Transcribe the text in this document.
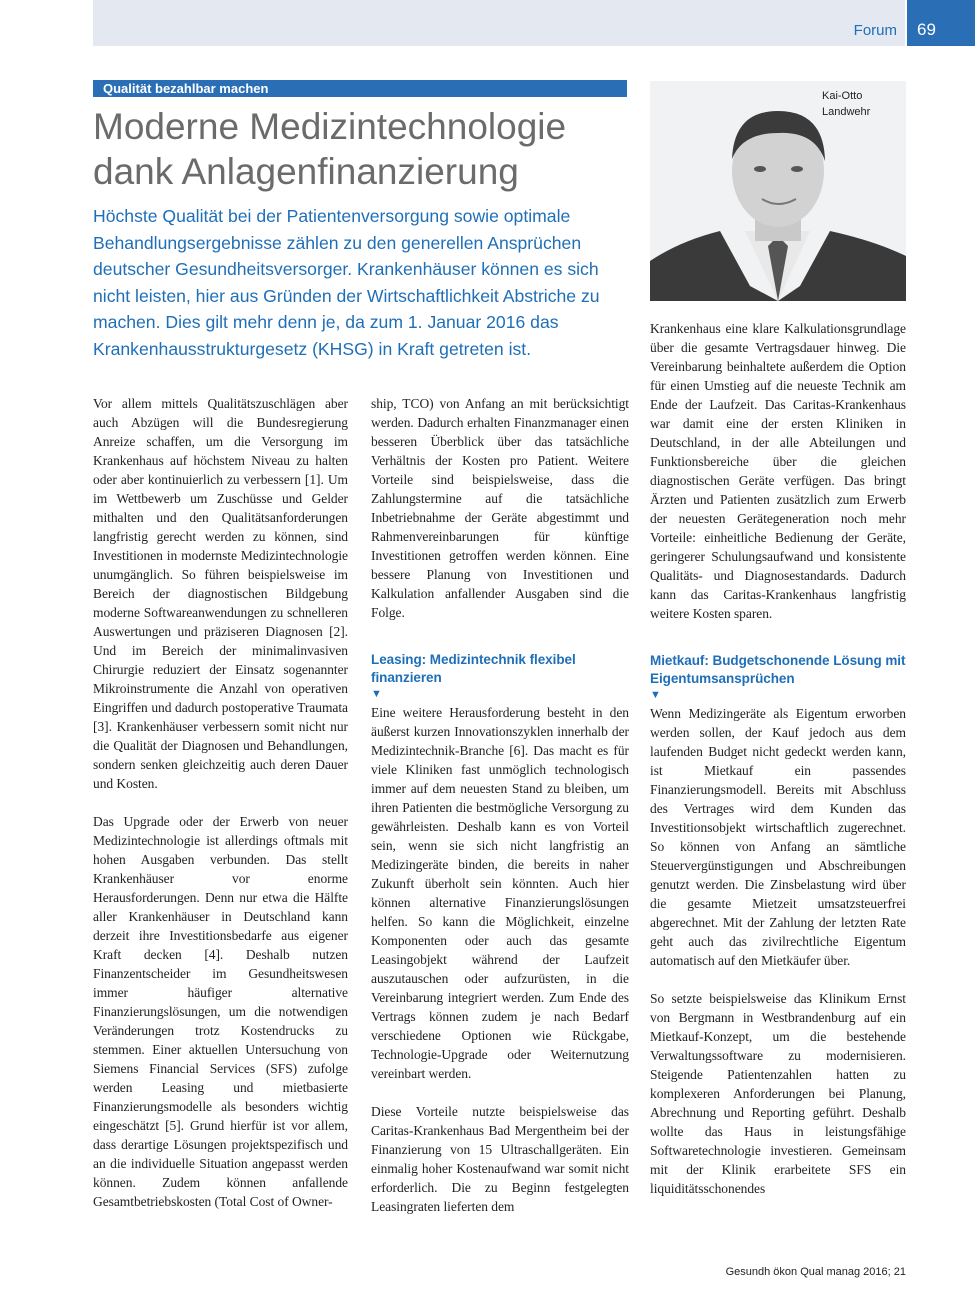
Forum 69
Qualität bezahlbar machen
Moderne Medizintechnologie
dank Anlagenfinanzierung

Höchste Qualität bei der Patientenversorgung sowie optimale Behandlungsergebnisse zählen zu den generellen Ansprüchen deutscher Gesundheitsversorger. Krankenhäuser können es sich nicht leisten, hier aus Gründen der Wirtschaftlichkeit Abstriche zu machen. Dies gilt mehr denn je, da zum 1. Januar 2016 das Krankenhausstrukturgesetz (KHSG) in Kraft getreten ist.

Kai-Otto
Landwehr

Vor allem mittels Qualitätszuschlägen aber auch Abzügen will die Bundesregierung Anreize schaffen, um die Versorgung im Krankenhaus auf höchstem Niveau zu halten oder aber kontinuierlich zu verbessern [1]. Um im Wettbewerb um Zuschüsse und Gelder mithalten und den Qualitätsanforderungen langfristig gerecht werden zu können, sind Investitionen in modernste Medizintechnologie unumgänglich. So führen beispielsweise im Bereich der diagnostischen Bildgebung moderne Softwareanwendungen zu schnelleren Auswertungen und präziseren Diagnosen [2]. Und im Bereich der minimalinvasiven Chirurgie reduziert der Einsatz sogenannter Mikroinstrumente die Anzahl von operativen Eingriffen und dadurch postoperative Traumata [3]. Krankenhäuser verbessern somit nicht nur die Qualität der Diagnosen und Behandlungen, sondern senken gleichzeitig auch deren Dauer und Kosten.

Das Upgrade oder der Erwerb von neuer Medizintechnologie ist allerdings oftmals mit hohen Ausgaben verbunden. Das stellt Krankenhäuser vor enorme Herausforderungen. Denn nur etwa die Hälfte aller Krankenhäuser in Deutschland kann derzeit ihre Investitionsbedarfe aus eigener Kraft decken [4]. Deshalb nutzen Finanzentscheider im Gesundheitswesen immer häufiger alternative Finanzierungslösungen, um die notwendigen Veränderungen trotz Kostendrucks zu stemmen. Einer aktuellen Untersuchung von Siemens Financial Services (SFS) zufolge werden Leasing und mietbasierte Finanzierungsmodelle als besonders wichtig eingeschätzt [5]. Grund hierfür ist vor allem, dass derartige Lösungen projektspezifisch und an die individuelle Situation angepasst werden können. Zudem können anfallende Gesamtbetriebskosten (Total Cost of Owner-

ship, TCO) von Anfang an mit berücksichtigt werden. Dadurch erhalten Finanzmanager einen besseren Überblick über das tatsächliche Verhältnis der Kosten pro Patient. Weitere Vorteile sind beispielsweise, dass die Zahlungstermine auf die tatsächliche Inbetriebnahme der Geräte abgestimmt und Rahmenvereinbarungen für künftige Investitionen getroffen werden können. Eine bessere Planung von Investitionen und Kalkulation anfallender Ausgaben sind die Folge.

Leasing: Medizintechnik flexibel finanzieren
▼

Eine weitere Herausforderung besteht in den äußerst kurzen Innovationszyklen innerhalb der Medizintechnik-Branche [6]. Das macht es für viele Kliniken fast unmöglich technologisch immer auf dem neuesten Stand zu bleiben, um ihren Patienten die bestmögliche Versorgung zu gewährleisten. Deshalb kann es von Vorteil sein, wenn sie sich nicht langfristig an Medizingeräte binden, die bereits in naher Zukunft überholt sein könnten. Auch hier können alternative Finanzierungslösungen helfen. So kann die Möglichkeit, einzelne Komponenten oder auch das gesamte Leasingobjekt während der Laufzeit auszutauschen oder aufzurüsten, in die Vereinbarung integriert werden. Zum Ende des Vertrags können zudem je nach Bedarf verschiedene Optionen wie Rückgabe, Technologie-Upgrade oder Weiternutzung vereinbart werden.

Diese Vorteile nutzte beispielsweise das Caritas-Krankenhaus Bad Mergentheim bei der Finanzierung von 15 Ultraschallgeräten. Ein einmalig hoher Kostenaufwand war somit nicht erforderlich. Die zu Beginn festgelegten Leasingraten lieferten dem

Krankenhaus eine klare Kalkulationsgrundlage über die gesamte Vertragsdauer hinweg. Die Vereinbarung beinhaltete außerdem die Option für einen Umstieg auf die neueste Technik am Ende der Laufzeit. Das Caritas-Krankenhaus war damit eine der ersten Kliniken in Deutschland, in der alle Abteilungen und Funktionsbereiche über die gleichen diagnostischen Geräte verfügen. Das bringt Ärzten und Patienten zusätzlich zum Erwerb der neuesten Gerätegeneration noch mehr Vorteile: einheitliche Bedienung der Geräte, geringerer Schulungsaufwand und konsistente Qualitäts- und Diagnosestandards. Dadurch kann das Caritas-Krankenhaus langfristig weitere Kosten sparen.

Mietkauf: Budgetschonende Lösung mit Eigentumsansprüchen
▼

Wenn Medizingeräte als Eigentum erworben werden sollen, der Kauf jedoch aus dem laufenden Budget nicht gedeckt werden kann, ist Mietkauf ein passendes Finanzierungsmodell. Bereits mit Abschluss des Vertrages wird dem Kunden das Investitionsobjekt wirtschaftlich zugerechnet. So können von Anfang an sämtliche Steuervergünstigungen und Abschreibungen genutzt werden. Die Zinsbelastung wird über die gesamte Mietzeit umsatzsteuerfrei abgerechnet. Mit der Zahlung der letzten Rate geht auch das zivilrechtliche Eigentum automatisch auf den Mietkäufer über.

So setzte beispielsweise das Klinikum Ernst von Bergmann in Westbrandenburg auf ein Mietkauf-Konzept, um die bestehende Verwaltungssoftware zu modernisieren. Steigende Patientenzahlen hatten zu komplexeren Anforderungen bei Planung, Abrechnung und Reporting geführt. Deshalb wollte das Haus in leistungsfähige Softwaretechnologie investieren. Gemeinsam mit der Klinik erarbeitete SFS ein liquiditätsschonendes

Gesundh ökon Qual manag 2016; 21
